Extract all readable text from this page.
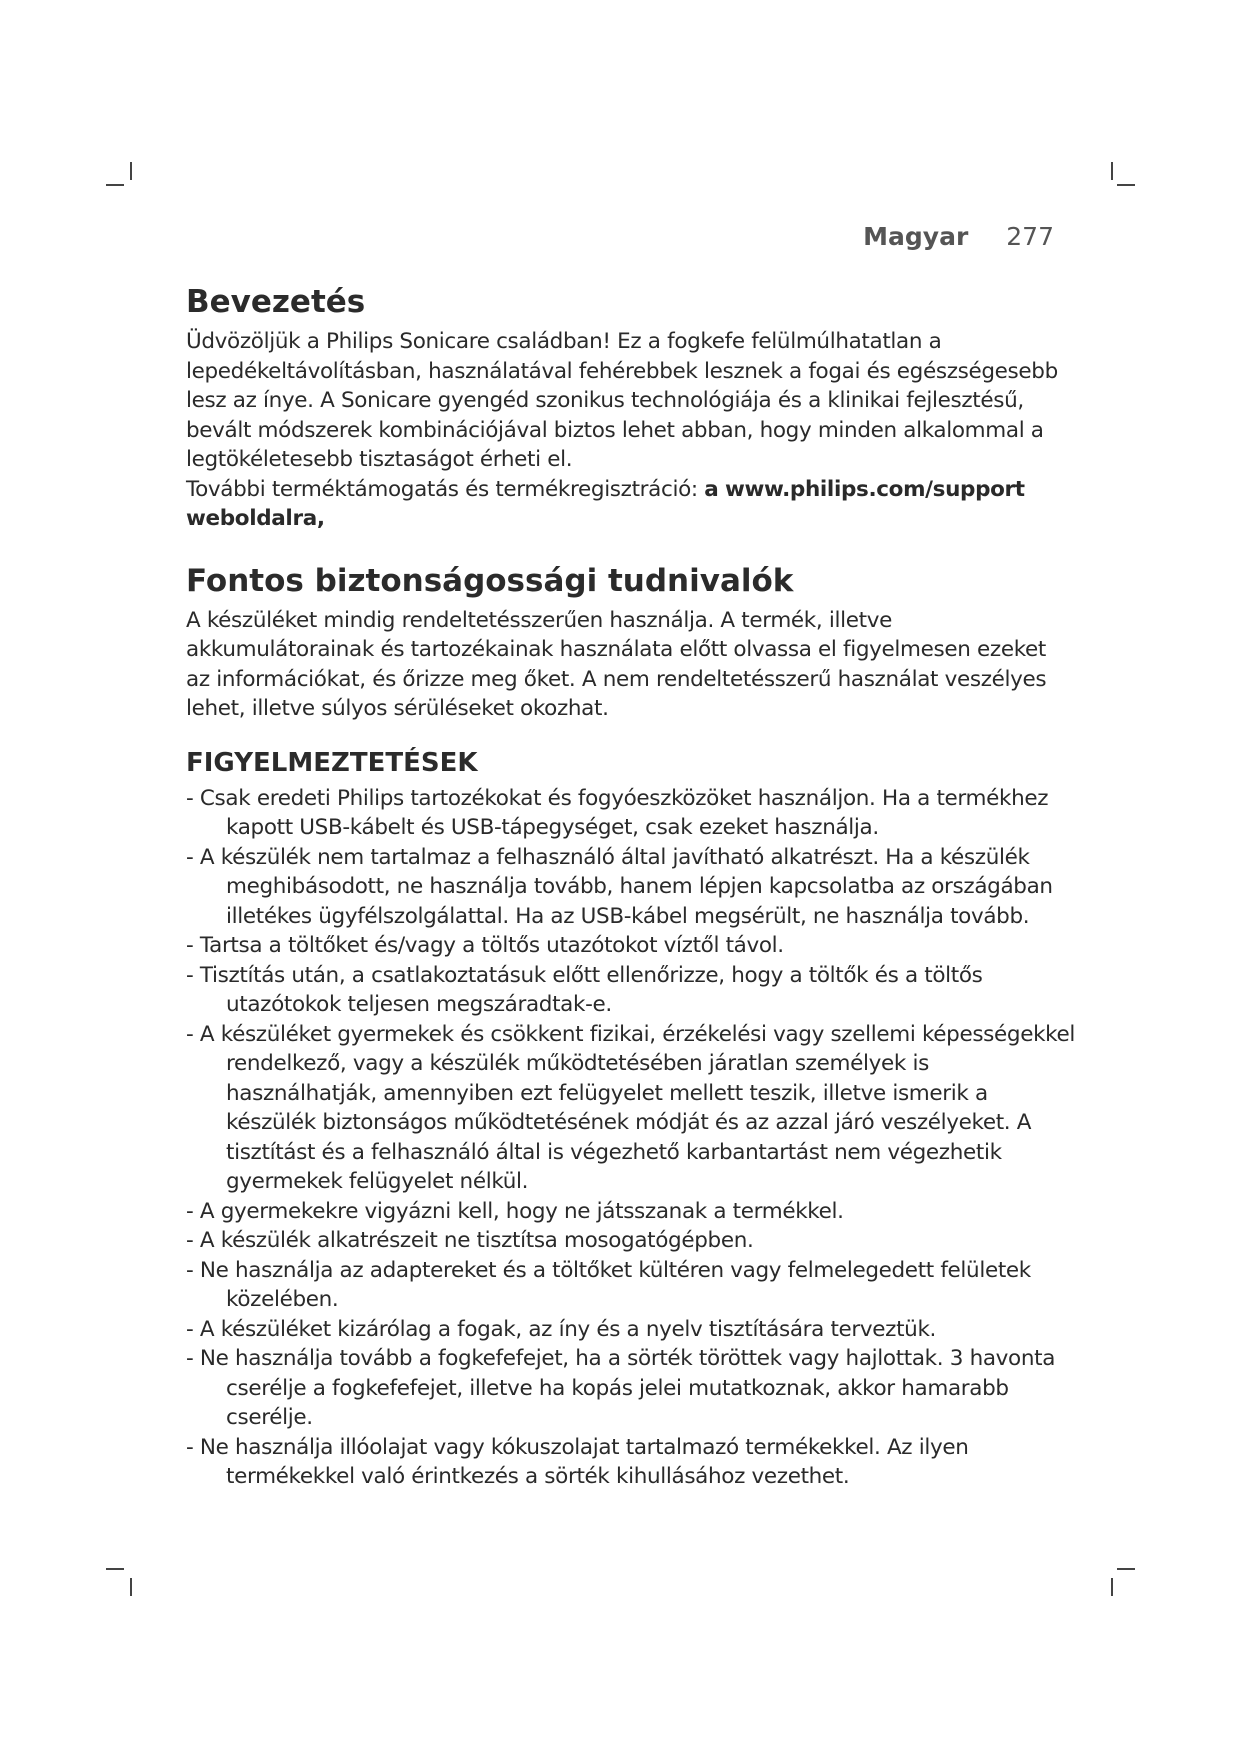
Magyar 277
Bevezetés

Üdvözöljük a Philips Sonicare családban! Ez a fogkefe felülmúlhatatlan a lepedékeltávolításban, használatával fehérebbek lesznek a fogai és egészségesebb lesz az ínye. A Sonicare gyengéd szonikus technológiája és a klinikai fejlesztésű, bevált módszerek kombinációjával biztos lehet abban, hogy minden alkalommal a legtökéletesebb tisztaságot érheti el.

További terméktámogatás és termékregisztráció: a www.philips.com/support weboldalra,

Fontos biztonságossági tudnivalók

A készüléket mindig rendeltetésszerűen használja. A termék, illetve akkumulátorainak és tartozékainak használata előtt olvassa el figyelmesen ezeket az információkat, és őrizze meg őket. A nem rendeltetésszerű használat veszélyes lehet, illetve súlyos sérüléseket okozhat.

FIGYELMEZTETÉSEK
- Csak eredeti Philips tartozékokat és fogyóeszközöket használjon. Ha a termékhez kapott USB-kábelt és USB-tápegységet, csak ezeket használja.
- A készülék nem tartalmaz a felhasználó által javítható alkatrészt. Ha a készülék meghibásodott, ne használja tovább, hanem lépjen kapcsolatba az országában illetékes ügyfélszolgálattal. Ha az USB-kábel megsérült, ne használja tovább.
- Tartsa a töltőket és/vagy a töltős utazótokot víztől távol.
- Tisztítás után, a csatlakoztatásuk előtt ellenőrizze, hogy a töltők és a töltős utazótokok teljesen megszáradtak-e.
- A készüléket gyermekek és csökkent fizikai, érzékelési vagy szellemi képességekkel rendelkező, vagy a készülék működtetésében járatlan személyek is használhatják, amennyiben ezt felügyelet mellett teszik, illetve ismerik a készülék biztonságos működtetésének módját és az azzal járó veszélyeket. A tisztítást és a felhasználó által is végezhető karbantartást nem végezhetik gyermekek felügyelet nélkül.
- A gyermekekre vigyázni kell, hogy ne játsszanak a termékkel.
- A készülék alkatrészeit ne tisztítsa mosogatógépben.
- Ne használja az adaptereket és a töltőket kültéren vagy felmelegedett felületek közelében.
- A készüléket kizárólag a fogak, az íny és a nyelv tisztítására terveztük.
- Ne használja tovább a fogkefefejet, ha a sörték töröttek vagy hajlottak. 3 havonta cserélje a fogkefefejet, illetve ha kopás jelei mutatkoznak, akkor hamarabb cserélje.
- Ne használja illóolajat vagy kókuszolajat tartalmazó termékekkel. Az ilyen termékekkel való érintkezés a sörték kihullásához vezethet.
